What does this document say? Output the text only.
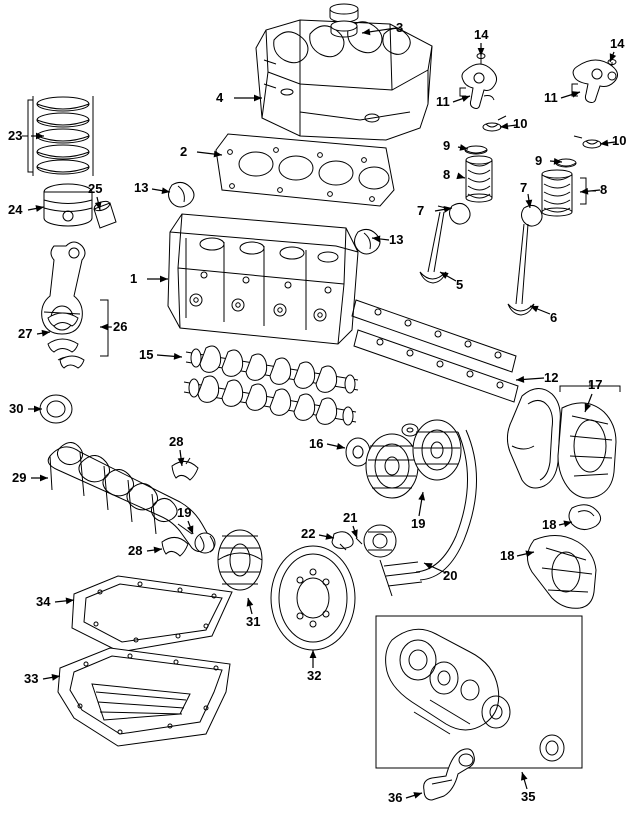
1
2
3
4
5
6
7
7
8
8
9
9
10
10
11	11
12
13
13
14
14
15
16
17
18
18
19
19
20
21
22
23
24
25
26
27
28
28
29
30
31
32
33
34
35
36
